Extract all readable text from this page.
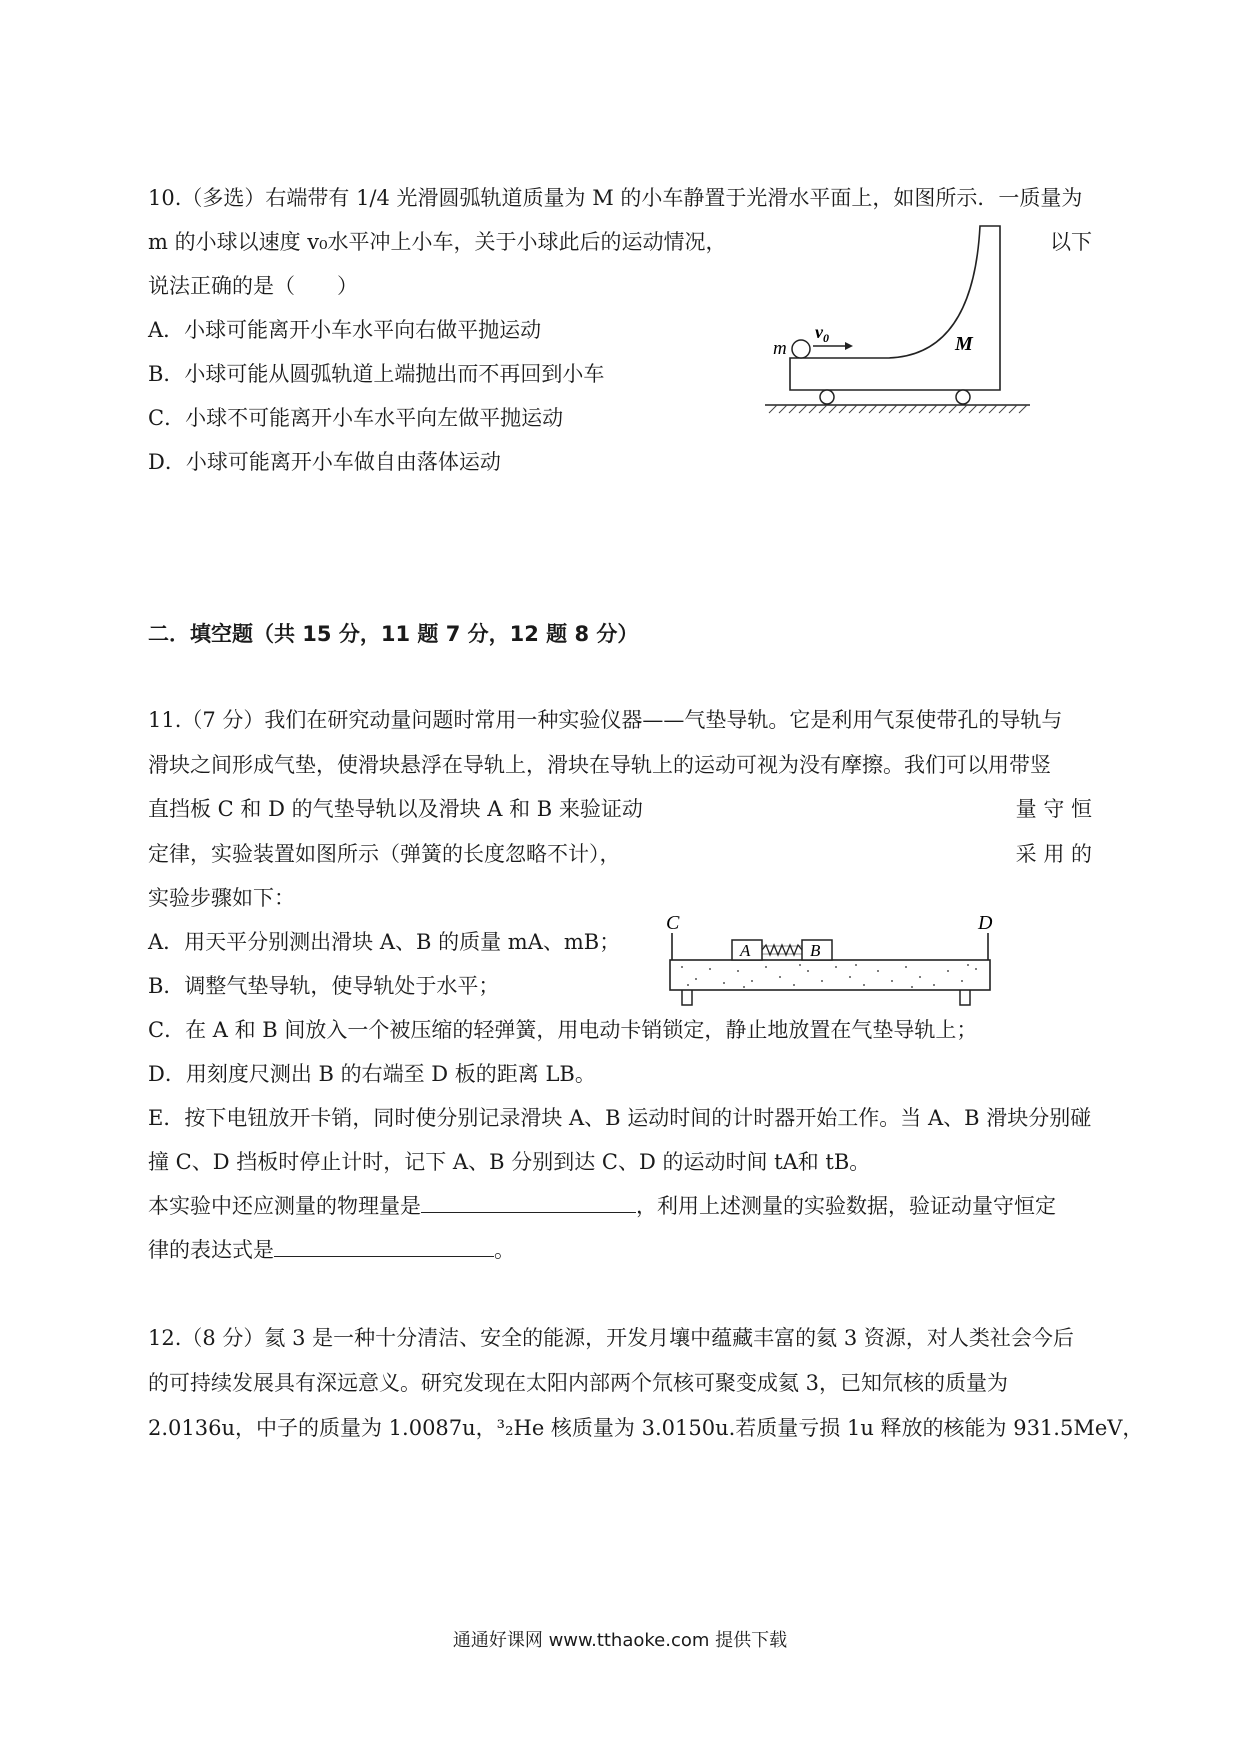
10.（多选）右端带有 1/4 光滑圆弧轨道质量为 M 的小车静置于光滑水平面上，如图所示．一质量为
m 的小球以速度 v₀水平冲上小车，关于小球此后的运动情况，	以下
说法正确的是（　　）
A．小球可能离开小车水平向右做平抛运动
B．小球可能从圆弧轨道上端抛出而不再回到小车
C．小球不可能离开小车水平向左做平抛运动
D．小球可能离开小车做自由落体运动
m
$v_0$	M
二．填空题（共 15 分，11 题 7 分，12 题 8 分）
11.（7 分）我们在研究动量问题时常用一种实验仪器——气垫导轨。它是利用气泵使带孔的导轨与
滑块之间形成气垫，使滑块悬浮在导轨上，滑块在导轨上的运动可视为没有摩擦。我们可以用带竖
直挡板 C 和 D 的气垫导轨以及滑块 A 和 B 来验证动	量 守 恒
定律，实验装置如图所示（弹簧的长度忽略不计），	采 用 的
实验步骤如下：
A．用天平分别测出滑块 A、B 的质量 mA、mB；
B．调整气垫导轨，使导轨处于水平；
C．在 A 和 B 间放入一个被压缩的轻弹簧，用电动卡销锁定，静止地放置在气垫导轨上；
D．用刻度尺测出 B 的右端至 D 板的距离 LB。
E．按下电钮放开卡销，同时使分别记录滑块 A、B 运动时间的计时器开始工作。当 A、B 滑块分别碰
撞 C、D 挡板时停止计时，记下 A、B 分别到达 C、D 的运动时间 tA和 tB。
本实验中还应测量的物理量是	，利用上述测量的实验数据，验证动量守恒定
律的表达式是	。
C	D
A	B
12.（8 分）氦 3 是一种十分清洁、安全的能源，开发月壤中蕴藏丰富的氦 3 资源，对人类社会今后
的可持续发展具有深远意义。研究发现在太阳内部两个氘核可聚变成氦 3，已知氘核的质量为
2.0136u，中子的质量为 1.0087u，³₂He 核质量为 3.0150u.若质量亏损 1u 释放的核能为 931.5MeV，
通通好课网 www.tthaoke.com 提供下载
